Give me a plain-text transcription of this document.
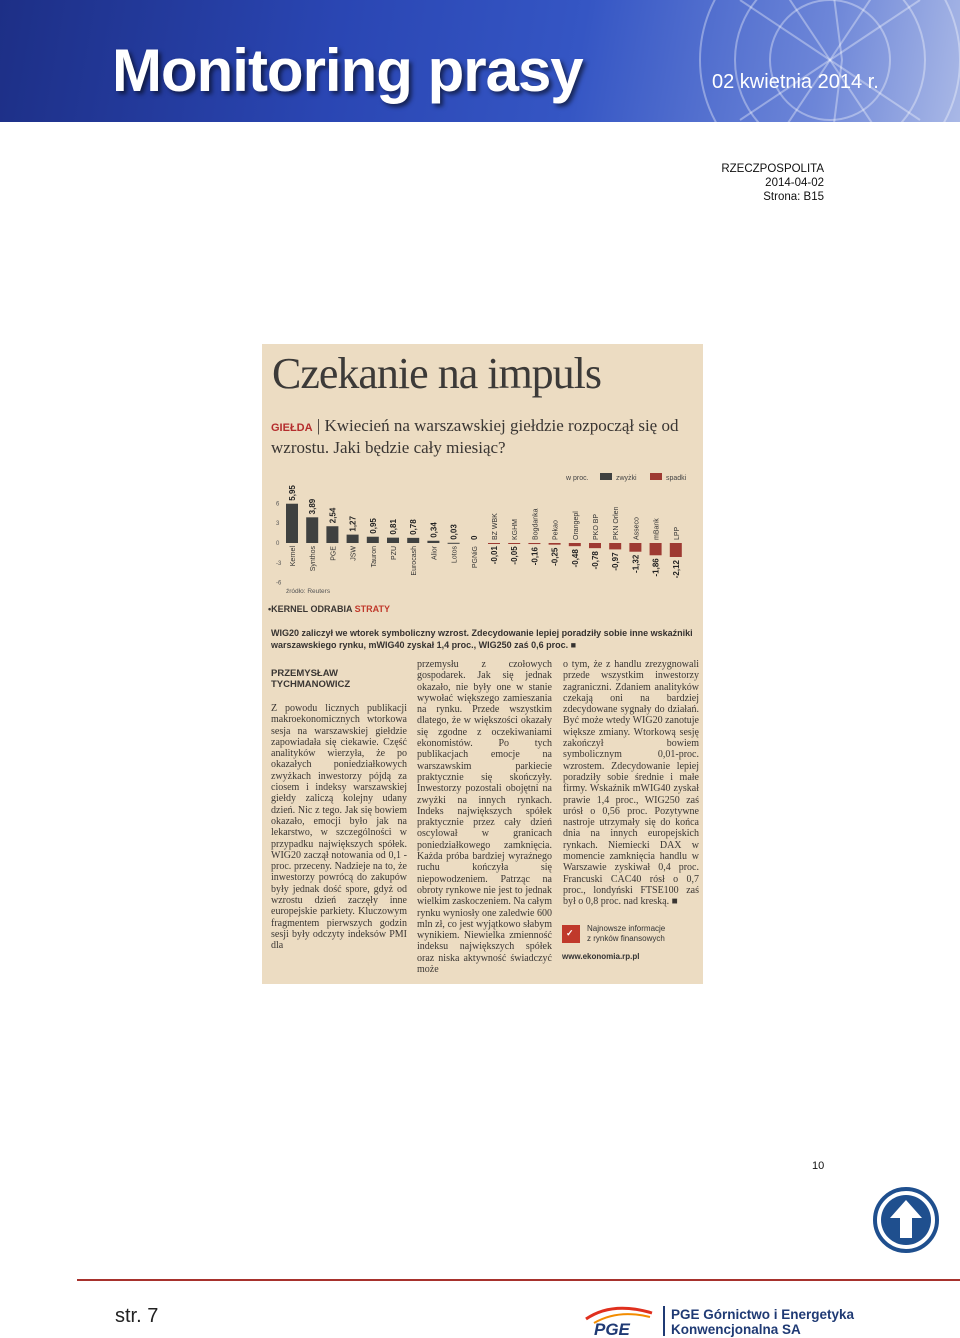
Monitoring prasy	02 kwietnia 2014 r.
RZECZPOSPOLITA
2014-04-02
Strona: B15
Czekanie na impuls
GIEŁDA | Kwiecień na warszawskiej giełdzie rozpoczął się od wzrostu. Jaki będzie cały miesiąc?
w proc.	zwyżki	spadki
6
3
0
-3
-6
Kernel
5,95
Synthos
3,89
PGE
2,54
JSW
1,27
Tauron
0,95
PZU
0,81
Eurocash
0,78
Alior
0,34
Lotos
0,03
PGNiG
0 BZ WBK
-0,01
KGHM
-0,05
Bogdanka
-0,16
Pekao
-0,25
Orangepl
-0,48
PKO BP
-0,78
PKN Orlen
-0,97
Asseco
-1,32
mBank
-1,86
LPP
-2,12
źródło: Reuters
•KERNEL ODRABIA STRATY
WIG20 zaliczył we wtorek symboliczny wzrost. Zdecydowanie lepiej poradziły sobie inne wskaźniki warszawskiego rynku, mWIG40 zyskał 1,4 proc., WIG250 zaś 0,6 proc. ■
PRZEMYSŁAW
TYCHMANOWICZ
Z powodu licznych publikacji makroekonomicznych wtorkowa sesja na warszawskiej giełdzie zapowiadała się ciekawie. Część analityków wierzyła, że po okazałych poniedziałkowych zwyżkach inwestorzy pójdą za ciosem i indeksy warszawskiej giełdy zaliczą kolejny udany dzień. Nic z tego. Jak się bowiem okazało, emocji było jak na lekarstwo, w szczególności w przypadku największych spółek. WIG20 zaczął notowania od 0,1 - proc. przeceny. Nadzieje na to, że inwestorzy powrócą do zakupów były jednak dość spore, gdyż od wzrostu dzień zaczęły inne europejskie parkiety. Kluczowym fragmentem pierwszych godzin sesji były odczyty indeksów PMI dla
przemysłu z czołowych gospodarek. Jak się jednak okazało, nie były one w stanie wywołać większego zamieszania na rynku. Przede wszystkim dlatego, że w większości okazały się zgodne z oczekiwaniami ekonomistów. Po tych publikacjach emocje na warszawskim parkiecie praktycznie się skończyły. Inwestorzy pozostali obojętni na zwyżki na innych rynkach. Indeks największych spółek praktycznie przez cały dzień oscylował w granicach poniedziałkowego zamknięcia. Każda próba bardziej wyraźnego ruchu kończyła się niepowodzeniem. Patrząc na obroty rynkowe nie jest to jednak wielkim zaskoczeniem. Na całym rynku wyniosły one zaledwie 600 mln zł, co jest wyjątkowo słabym wynikiem. Niewielka zmienność indeksu największych spółek oraz niska aktywność świadczyć może
o tym, że z handlu zrezygnowali przede wszystkim inwestorzy zagraniczni. Zdaniem analityków czekają oni na bardziej zdecydowane sygnały do działań. Być może wtedy WIG20 zanotuje większe zmiany. Wtorkową sesję zakończył bowiem symbolicznym 0,01-proc. wzrostem. Zdecydowanie lepiej poradziły sobie średnie i małe firmy. Wskaźnik mWIG40 zyskał prawie 1,4 proc., WIG250 zaś urósł o 0,56 proc. Pozytywne nastroje utrzymały się do końca dnia na innych europejskich rynkach. Niemiecki DAX w momencie zamknięcia handlu w Warszawie zyskiwał 0,4 proc. Francuski CAC40 rósł o 0,7 proc., londyński FTSE100 zaś był o 0,8 proc. nad kreską. ■
✓	Najnowsze informacje
z rynków finansowych
www.ekonomia.rp.pl
10
str. 7
PGE
PGE Górnictwo i Energetyka
Konwencjonalna SA
